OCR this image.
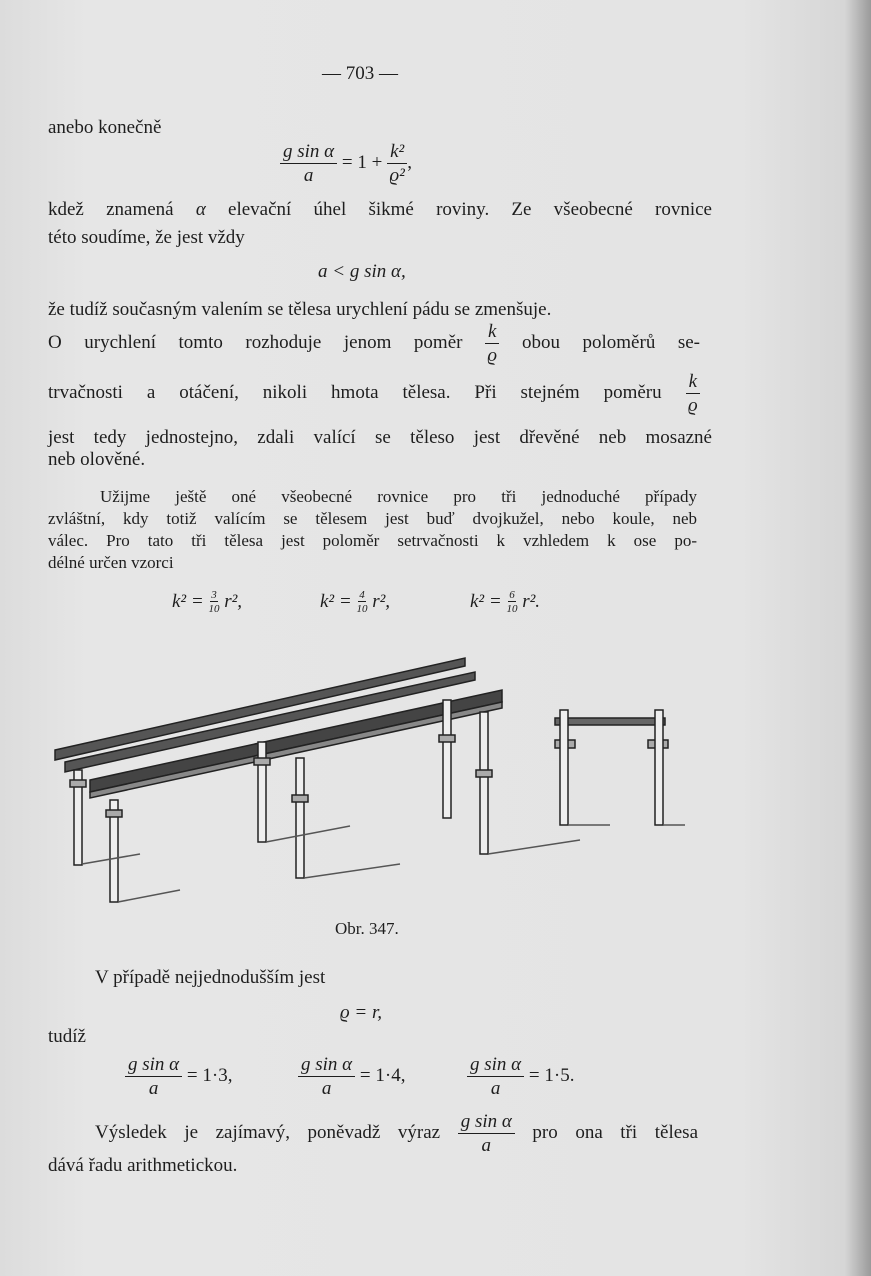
— 703 —
anebo konečně
$\frac{\text{g sin α}}{a} = 1 + \frac{\text{k²}}{\text{ϱ²}}$ ,
kdež znamená α elevační úhel šikmé roviny. Ze všeobecné rovnice
této soudíme, že jest vždy
a < g sin α,
že tudíž současným valením se tělesa urychlení pádu se zmenšuje.
O urychlení tomto rozhoduje jenom poměr $\frac{k}{ϱ}$ obou poloměrů se-
trvačnosti a otáčení, nikoli hmota tělesa. Při stejném poměru $\frac{k}{ϱ}$
jest tedy jednostejno, zdali valící se těleso jest dřevěné neb mosazné
neb olověné.
Užijme ještě oné všeobecné rovnice pro tři jednoduché případy
zvláštní, kdy totiž valícím se tělesem jest buď dvojkužel, nebo koule, neb
válec. Pro tato tři tělesa jest poloměr setrvačnosti k vzhledem k ose po-
délné určen vzorci
$k^2 = \frac{3}{10} r^2$,	$k^2 = \frac{4}{10} r^2$,	$k^2 = \frac{6}{10} r^2$.
Obr. 347.
V případě nejjednodušším jest
ϱ = r,
tudíž
$\frac{\text{g sin α}}{a} = 1\cdot 3$,	$\frac{\text{g sin α}}{a} = 1\cdot 4$,	$\frac{\text{g sin α}}{a} = 1\cdot 5$.
Výsledek je zajímavý, poněvadž výraz $\frac{\text{g sin α}}{a}$ pro ona tři tělesa
dává řadu arithmetickou.
